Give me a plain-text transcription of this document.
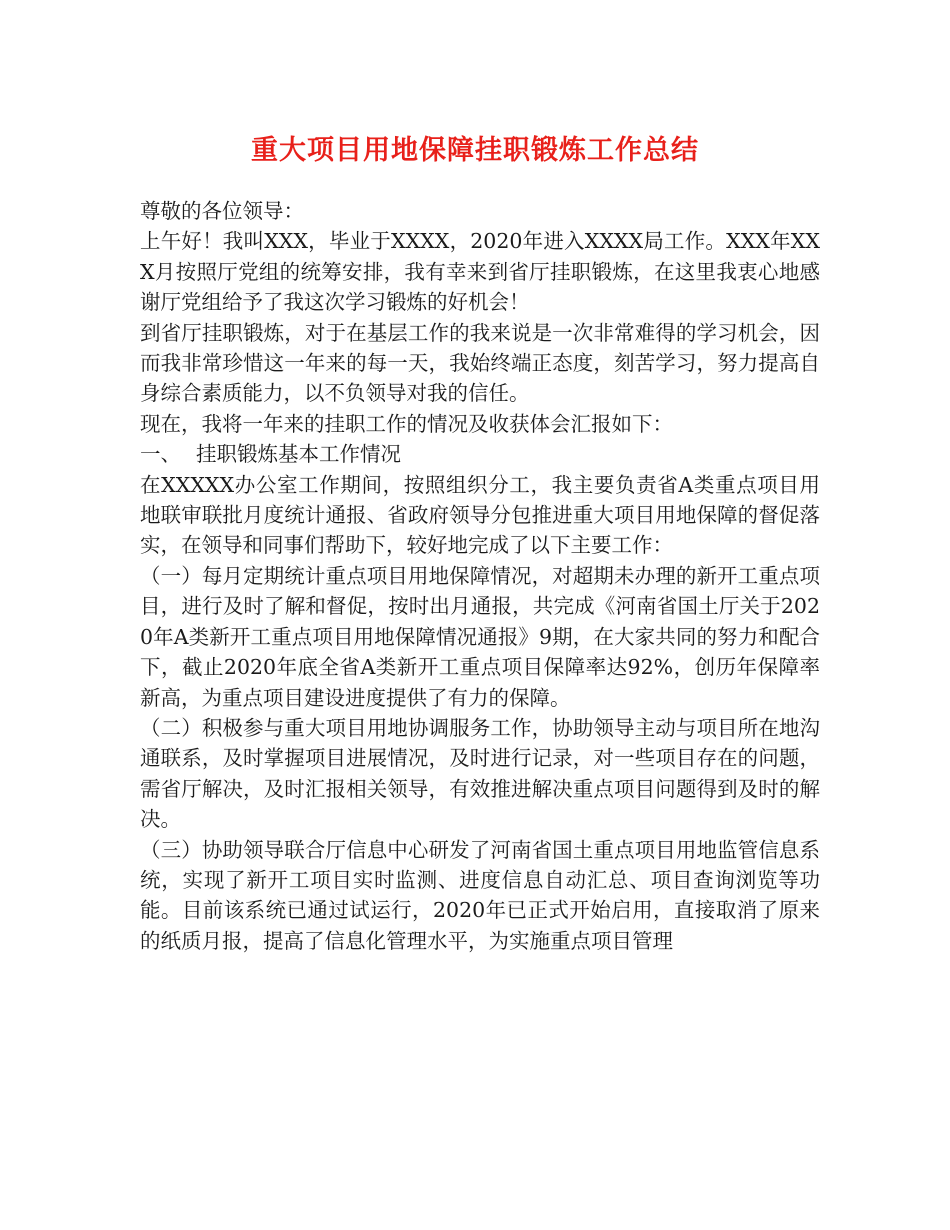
重大项目用地保障挂职锻炼工作总结

尊敬的各位领导：

上午好！我叫XXX，毕业于XXXX，2020年进入XXXX局工作。XXX年XXX月按照厅党组的统筹安排，我有幸来到省厅挂职锻炼，在这里我衷心地感谢厅党组给予了我这次学习锻炼的好机会！

到省厅挂职锻炼，对于在基层工作的我来说是一次非常难得的学习机会，因而我非常珍惜这一年来的每一天，我始终端正态度，刻苦学习，努力提高自身综合素质能力，以不负领导对我的信任。

现在，我将一年来的挂职工作的情况及收获体会汇报如下：

一、 挂职锻炼基本工作情况

在XXXXX办公室工作期间，按照组织分工，我主要负责省A类重点项目用地联审联批月度统计通报、省政府领导分包推进重大项目用地保障的督促落实，在领导和同事们帮助下，较好地完成了以下主要工作：

（一）每月定期统计重点项目用地保障情况，对超期未办理的新开工重点项目，进行及时了解和督促，按时出月通报，共完成《河南省国土厅关于2020年A类新开工重点项目用地保障情况通报》9期，在大家共同的努力和配合下，截止2020年底全省A类新开工重点项目保障率达92%，创历年保障率新高，为重点项目建设进度提供了有力的保障。

（二）积极参与重大项目用地协调服务工作，协助领导主动与项目所在地沟通联系，及时掌握项目进展情况，及时进行记录，对一些项目存在的问题，需省厅解决，及时汇报相关领导，有效推进解决重点项目问题得到及时的解决。

（三）协助领导联合厅信息中心研发了河南省国土重点项目用地监管信息系统，实现了新开工项目实时监测、进度信息自动汇总、项目查询浏览等功能。目前该系统已通过试运行，2020年已正式开始启用，直接取消了原来的纸质月报，提高了信息化管理水平，为实施重点项目管理
